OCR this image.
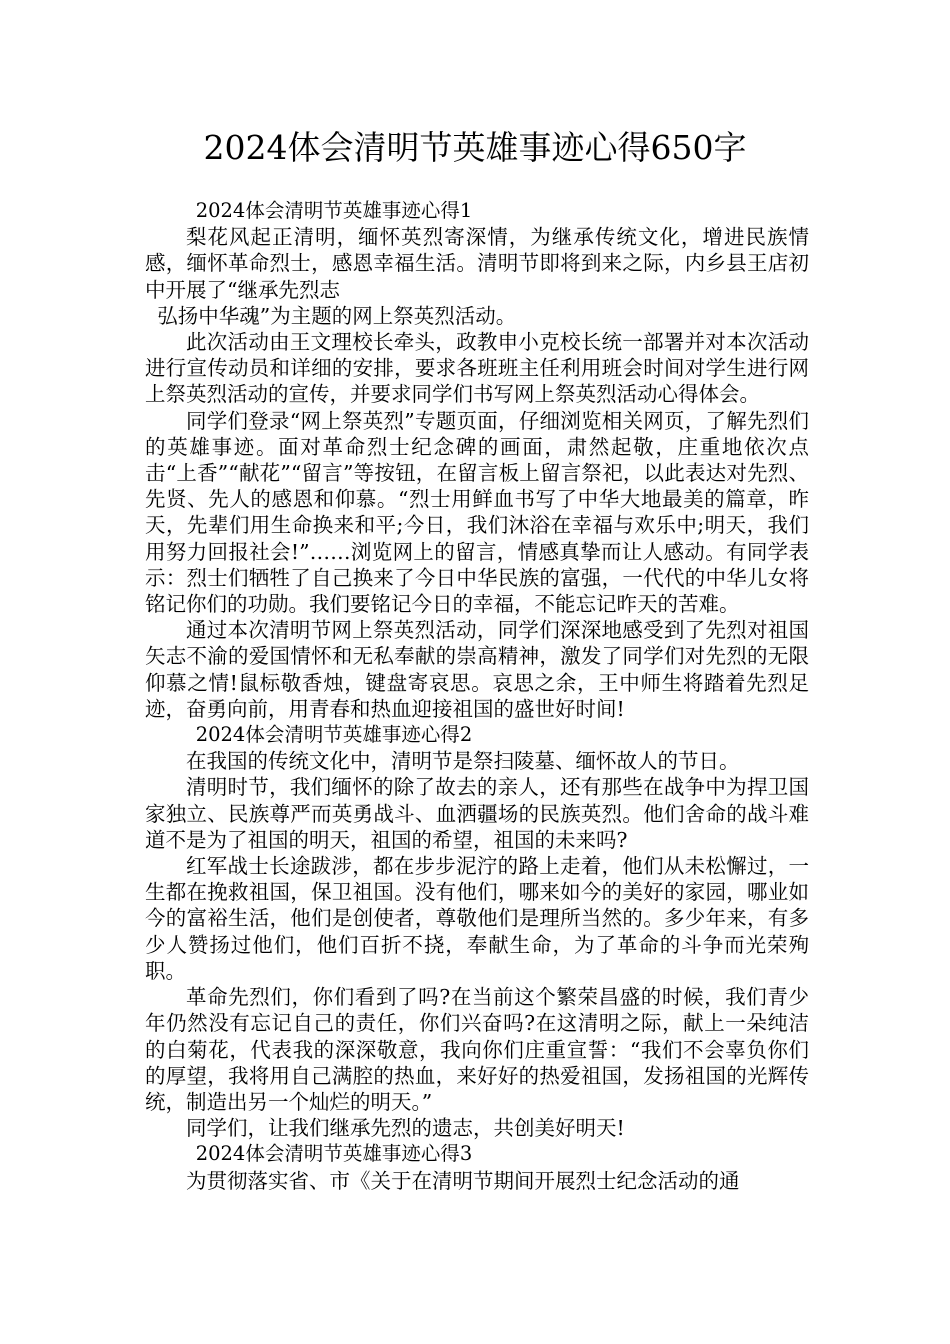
2024体会清明节英雄事迹心得650字

2024体会清明节英雄事迹心得1

梨花风起正清明，缅怀英烈寄深情，为继承传统文化，增进民族情感，缅怀革命烈士，感恩幸福生活。清明节即将到来之际，内乡县王店初中开展了“继承先烈志

弘扬中华魂”为主题的网上祭英烈活动。

此次活动由王文理校长牵头，政教申小克校长统一部署并对本次活动进行宣传动员和详细的安排，要求各班班主任利用班会时间对学生进行网上祭英烈活动的宣传，并要求同学们书写网上祭英烈活动心得体会。

同学们登录“网上祭英烈”专题页面，仔细浏览相关网页，了解先烈们的英雄事迹。面对革命烈士纪念碑的画面，肃然起敬，庄重地依次点击“上香”“献花”“留言”等按钮，在留言板上留言祭祀，以此表达对先烈、先贤、先人的感恩和仰慕。“烈士用鲜血书写了中华大地最美的篇章，昨天，先辈们用生命换来和平;今日，我们沐浴在幸福与欢乐中;明天，我们用努力回报社会!”……浏览网上的留言，情感真挚而让人感动。有同学表示：烈士们牺牲了自己换来了今日中华民族的富强，一代代的中华儿女将铭记你们的功勋。我们要铭记今日的幸福，不能忘记昨天的苦难。

通过本次清明节网上祭英烈活动，同学们深深地感受到了先烈对祖国矢志不渝的爱国情怀和无私奉献的崇高精神，激发了同学们对先烈的无限仰慕之情!鼠标敬香烛，键盘寄哀思。哀思之余，王中师生将踏着先烈足迹，奋勇向前，用青春和热血迎接祖国的盛世好时间!

2024体会清明节英雄事迹心得2

在我国的传统文化中，清明节是祭扫陵墓、缅怀故人的节日。

清明时节，我们缅怀的除了故去的亲人，还有那些在战争中为捍卫国家独立、民族尊严而英勇战斗、血洒疆场的民族英烈。他们舍命的战斗难道不是为了祖国的明天，祖国的希望，祖国的未来吗?

红军战士长途跋涉，都在步步泥泞的路上走着，他们从未松懈过，一生都在挽救祖国，保卫祖国。没有他们，哪来如今的美好的家园，哪业如今的富裕生活，他们是创使者，尊敬他们是理所当然的。多少年来，有多少人赞扬过他们，他们百折不挠，奉献生命，为了革命的斗争而光荣殉职。

革命先烈们，你们看到了吗?在当前这个繁荣昌盛的时候，我们青少年仍然没有忘记自己的责任，你们兴奋吗?在这清明之际，献上一朵纯洁的白菊花，代表我的深深敬意，我向你们庄重宣誓：“我们不会辜负你们的厚望，我将用自己满腔的热血，来好好的热爱祖国，发扬祖国的光辉传统，制造出另一个灿烂的明天。”

同学们，让我们继承先烈的遗志，共创美好明天!

2024体会清明节英雄事迹心得3

为贯彻落实省、市《关于在清明节期间开展烈士纪念活动的通
